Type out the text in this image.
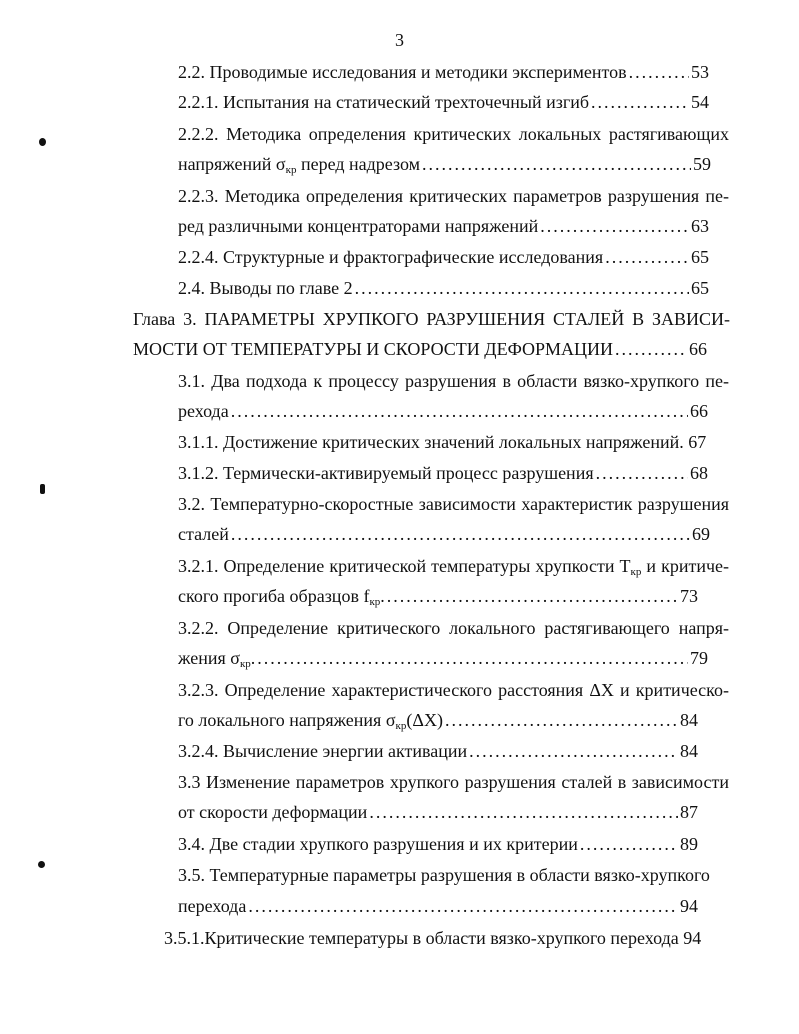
3
2.2. Проводимые исследования и методики экспериментов .....	53
2.2.1. Испытания на статический трехточечный изгиб .....	54
2.2.2. Методика определения критических локальных растягивающих
напряжений $\sigma_{кр}$ перед надрезом .....	59
2.2.3. Методика определения критических параметров разрушения пе-
ред различными концентраторами напряжений .....	63
2.2.4. Структурные и фрактографические исследования .....	65
2.4. Выводы по главе 2 .....	65
Глава 3. ПАРАМЕТРЫ ХРУПКОГО РАЗРУШЕНИЯ СТАЛЕЙ В ЗАВИСИ-
МОСТИ ОТ ТЕМПЕРАТУРЫ И СКОРОСТИ ДЕФОРМАЦИИ .....	66
3.1. Два подхода к процессу разрушения в области вязко-хрупкого пе-
рехода .....	66
3.1.1. Достижение критических значений локальных напряжений. 67
3.1.2. Термически-активируемый процесс разрушения .....	68
3.2. Температурно-скоростные зависимости характеристик разрушения
сталей .....	69
3.2.1. Определение критической температуры хрупкости $T_{кр}$ и критиче-
ского прогиба образцов $f_{кр}$. .....	73
3.2.2. Определение критического локального растягивающего напря-
жения $\sigma_{кр}$. .....	79
3.2.3. Определение характеристического расстояния ΔX и критическо-
го локального напряжения $\sigma_{кр}(\Delta X)$ .....	84
3.2.4. Вычисление энергии активации .....	84
3.3 Изменение параметров хрупкого разрушения сталей в зависимости
от скорости деформации .....	87
3.4. Две стадии хрупкого разрушения и их критерии .....	89
3.5. Температурные параметры разрушения в области вязко-хрупкого
перехода .....	94
3.5.1.Критические температуры в области вязко-хрупкого перехода 94
